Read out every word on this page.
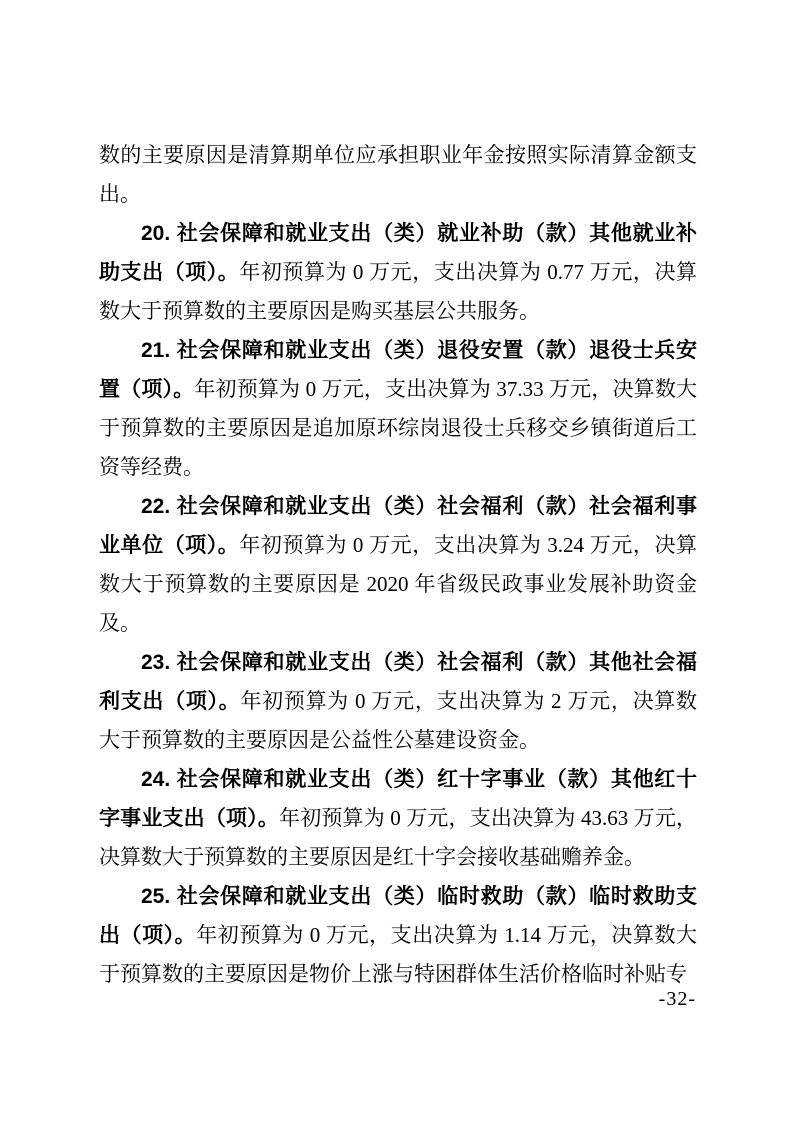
数的主要原因是清算期单位应承担职业年金按照实际清算金额支出。

20. 社会保障和就业支出（类）就业补助（款）其他就业补助支出（项）。年初预算为 0 万元，支出决算为 0.77 万元，决算数大于预算数的主要原因是购买基层公共服务。

21. 社会保障和就业支出（类）退役安置（款）退役士兵安置（项）。年初预算为 0 万元，支出决算为 37.33 万元，决算数大于预算数的主要原因是追加原环综岗退役士兵移交乡镇街道后工资等经费。

22. 社会保障和就业支出（类）社会福利（款）社会福利事业单位（项）。年初预算为 0 万元，支出决算为 3.24 万元，决算数大于预算数的主要原因是 2020 年省级民政事业发展补助资金及。

23. 社会保障和就业支出（类）社会福利（款）其他社会福利支出（项）。年初预算为 0 万元，支出决算为 2 万元，决算数大于预算数的主要原因是公益性公墓建设资金。

24. 社会保障和就业支出（类）红十字事业（款）其他红十字事业支出（项）。年初预算为 0 万元，支出决算为 43.63 万元，决算数大于预算数的主要原因是红十字会接收基础赡养金。

25. 社会保障和就业支出（类）临时救助（款）临时救助支出（项）。年初预算为 0 万元，支出决算为 1.14 万元，决算数大于预算数的主要原因是物价上涨与特困群体生活价格临时补贴专

-32-
